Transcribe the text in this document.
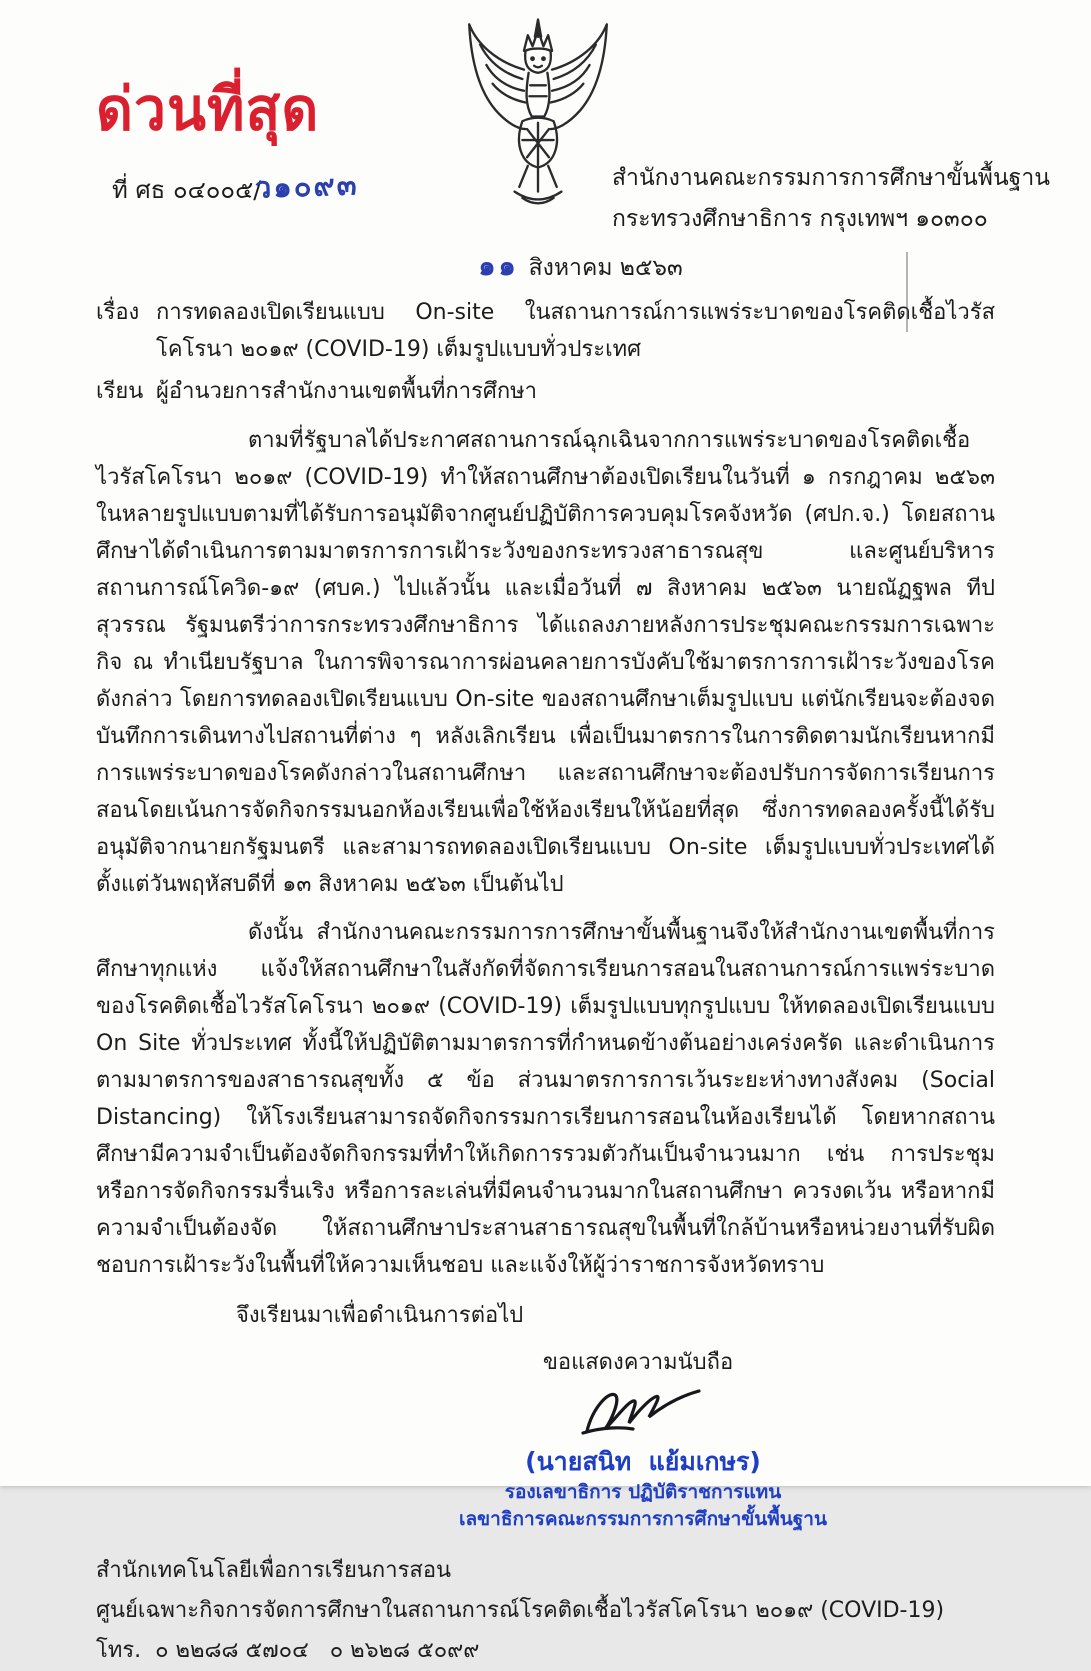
ด่วนที่สุด
ที่ ศธ ๐๔๐๐๕/ว๑๐๙๓	สำนักงานคณะกรรมการการศึกษาขั้นพื้นฐาน
กระทรวงศึกษาธิการ กรุงเทพฯ ๑๐๓๐๐
๑๑ สิงหาคม ๒๕๖๓
เรื่อง การทดลองเปิดเรียนแบบ On-site ในสถานการณ์การแพร่ระบาดของโรคติดเชื้อไวรัสโคโรนา ๒๐๑๙ (COVID-19) เต็มรูปแบบทั่วประเทศ
เรียน ผู้อำนวยการสำนักงานเขตพื้นที่การศึกษา
ตามที่รัฐบาลได้ประกาศสถานการณ์ฉุกเฉินจากการแพร่ระบาดของโรคติดเชื้อไวรัสโคโรนา ๒๐๑๙ (COVID-19) ทำให้สถานศึกษาต้องเปิดเรียนในวันที่ ๑ กรกฎาคม ๒๕๖๓ ในหลายรูปแบบตามที่ได้รับการอนุมัติจากศูนย์ปฏิบัติการควบคุมโรคจังหวัด (ศปก.จ.) โดยสถานศึกษาได้ดำเนินการตามมาตรการการเฝ้าระวังของกระทรวงสาธารณสุข และศูนย์บริหารสถานการณ์โควิด-๑๙ (ศบค.) ไปแล้วนั้น และเมื่อวันที่ ๗ สิงหาคม ๒๕๖๓ นายณัฏฐพล ทีปสุวรรณ รัฐมนตรีว่าการกระทรวงศึกษาธิการ ได้แถลงภายหลังการประชุมคณะกรรมการเฉพาะกิจ ณ ทำเนียบรัฐบาล ในการพิจารณาการผ่อนคลายการบังคับใช้มาตรการการเฝ้าระวังของโรคดังกล่าว โดยการทดลองเปิดเรียนแบบ On-site ของสถานศึกษาเต็มรูปแบบ แต่นักเรียนจะต้องจดบันทึกการเดินทางไปสถานที่ต่าง ๆ หลังเลิกเรียน เพื่อเป็นมาตรการในการติดตามนักเรียนหากมีการแพร่ระบาดของโรคดังกล่าวในสถานศึกษา และสถานศึกษาจะต้องปรับการจัดการเรียนการสอนโดยเน้นการจัดกิจกรรมนอกห้องเรียนเพื่อใช้ห้องเรียนให้น้อยที่สุด ซึ่งการทดลองครั้งนี้ได้รับอนุมัติจากนายกรัฐมนตรี และสามารถทดลองเปิดเรียนแบบ On-site เต็มรูปแบบทั่วประเทศได้ ตั้งแต่วันพฤหัสบดีที่ ๑๓ สิงหาคม ๒๕๖๓ เป็นต้นไป
ดังนั้น สำนักงานคณะกรรมการการศึกษาขั้นพื้นฐานจึงให้สำนักงานเขตพื้นที่การศึกษาทุกแห่ง แจ้งให้สถานศึกษาในสังกัดที่จัดการเรียนการสอนในสถานการณ์การแพร่ระบาดของโรคติดเชื้อไวรัสโคโรนา ๒๐๑๙ (COVID-19) เต็มรูปแบบทุกรูปแบบ ให้ทดลองเปิดเรียนแบบ On Site ทั่วประเทศ ทั้งนี้ให้ปฏิบัติตามมาตรการที่กำหนดข้างต้นอย่างเคร่งครัด และดำเนินการตามมาตรการของสาธารณสุขทั้ง ๕ ข้อ ส่วนมาตรการการเว้นระยะห่างทางสังคม (Social Distancing) ให้โรงเรียนสามารถจัดกิจกรรมการเรียนการสอนในห้องเรียนได้ โดยหากสถานศึกษามีความจำเป็นต้องจัดกิจกรรมที่ทำให้เกิดการรวมตัวกันเป็นจำนวนมาก เช่น การประชุม หรือการจัดกิจกรรมรื่นเริง หรือการละเล่นที่มีคนจำนวนมากในสถานศึกษา ควรงดเว้น หรือหากมีความจำเป็นต้องจัด ให้สถานศึกษาประสานสาธารณสุขในพื้นที่ใกล้บ้านหรือหน่วยงานที่รับผิดชอบการเฝ้าระวังในพื้นที่ให้ความเห็นชอบ และแจ้งให้ผู้ว่าราชการจังหวัดทราบ
จึงเรียนมาเพื่อดำเนินการต่อไป
ขอแสดงความนับถือ
(นายสนิท  แย้มเกษร)
รองเลขาธิการ ปฏิบัติราชการแทน
เลขาธิการคณะกรรมการการศึกษาขั้นพื้นฐาน
สำนักเทคโนโลยีเพื่อการเรียนการสอน
ศูนย์เฉพาะกิจการจัดการศึกษาในสถานการณ์โรคติดเชื้อไวรัสโคโรนา ๒๐๑๙ (COVID-19)
โทร.  ๐ ๒๒๘๘ ๕๗๐๔   ๐ ๒๖๒๘ ๕๐๙๙
